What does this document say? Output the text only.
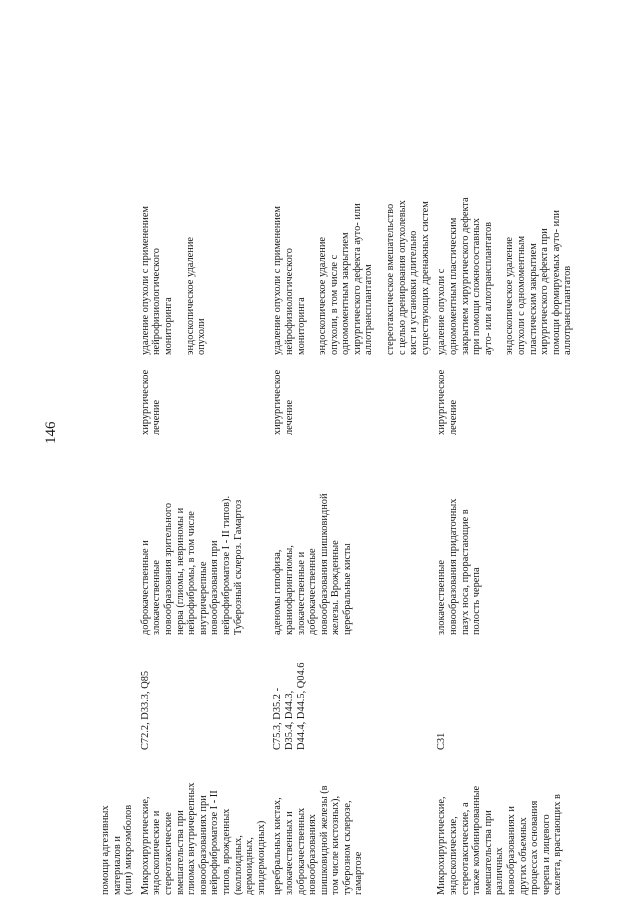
146
помощи адгезивных материалов и (или) микроэмболов Микрохирургические, эндоскопические и стереотаксические вмешательства при глиомах внутричерепных новообразованиях при нейрофиброматозе I - II типов, врожденных (коллоидных, дермоидных, эпидермоидных)
C72.2, D33.3, Q85
доброкачественные и злокачественные новообразования зрительного нерва (глиомы, невриномы и нейрофибромы, в том числе внутричерепные новообразования при нейрофиброматозе I - II типов). Туберозный склероз. Гамартоз
хирургическое лечение
удаление опухоли с применением нейрофизиологического мониторинга эндоскопическое удаление опухоли
церебральных кистах, злокачественных и доброкачественных новообразованиях шишковидной железы (в том числе кистозных), туберозном склерозе, гамартозе
C75.3, D35.2 - D35.4, D44.3, D44.4, D44.5, Q04.6
аденомы гипофиза, краниофарингиомы, злокачественные и доброкачественные новообразования шишковидной железы. Врожденные церебральные кисты
хирургическое лечение
удаление опухоли с применением нейрофизиологического мониторинга эндоскопическое удаление опухоли, в том числе с одномоментным закрытием хирургического дефекта ауто- или аллотрансплантатом стереотаксическое вмешательство с целью дренирования опухолевых кист и установки длительно существующих дренажных систем
Микрохирургические, эндоскопические, стереотаксические, а также комбинированные вмешательства при различных новообразованиях и других объемных процессах основания черепа и лицевого скелета, врастающих в
C31
злокачественные новообразования придаточных пазух носа, прорастающие в полость черепа
хирургическое лечение
удаление опухоли с одномоментным пластическим закрытием хирургического дефекта при помощи сложносоставных ауто- или аллотрансплантатов эндоскопическое удаление опухоли с одномоментным пластическим закрытием хирургического дефекта при помощи формируемых ауто- или аллотрансплантатов
